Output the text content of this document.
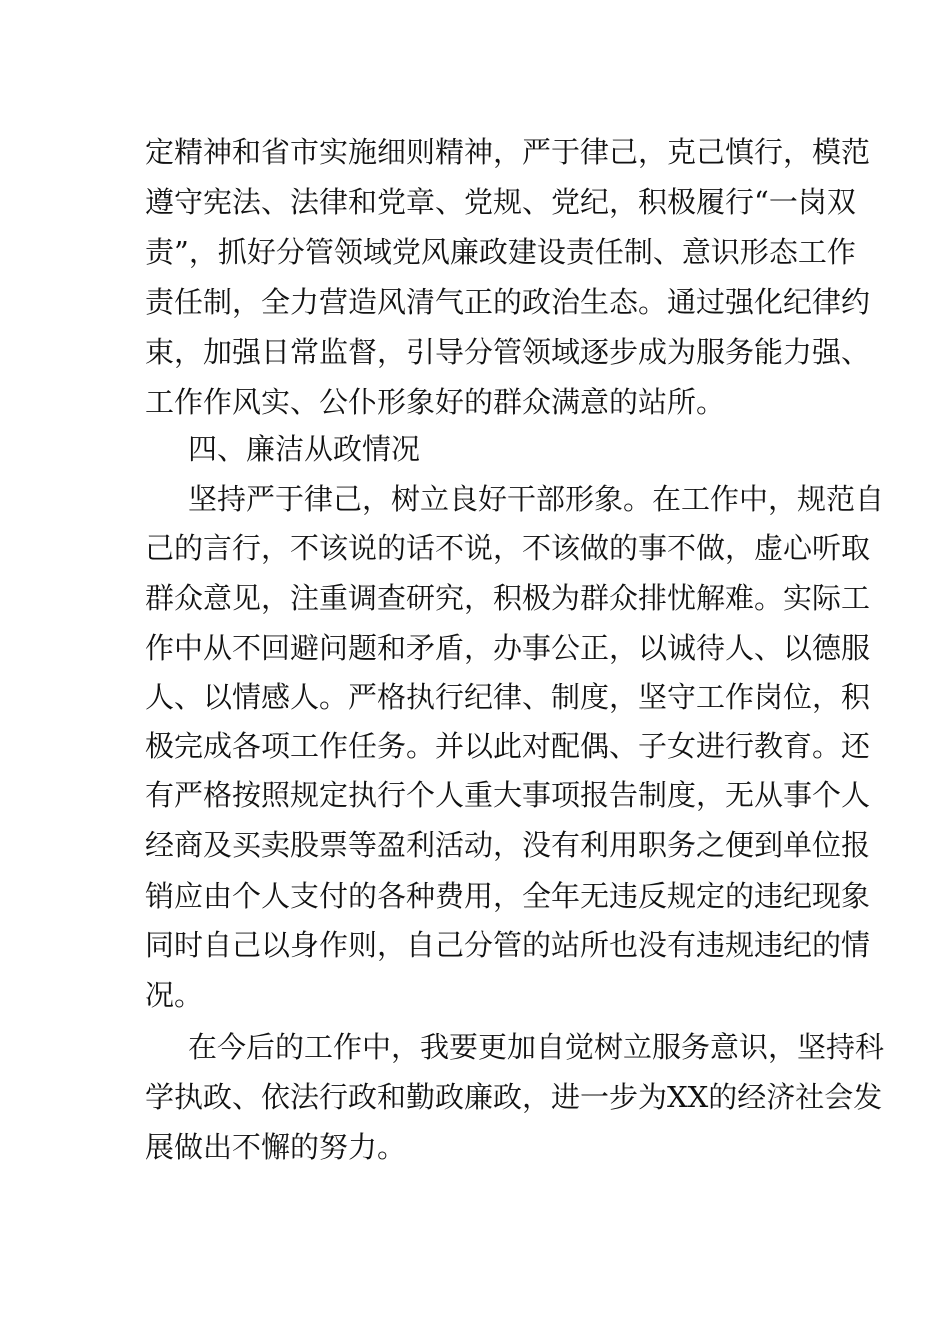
定精神和省市实施细则精神，严于律己，克己慎行，模范
遵守宪法、法律和党章、党规、党纪，积极履行“一岗双
责”，抓好分管领域党风廉政建设责任制、意识形态工作
责任制，全力营造风清气正的政治生态。通过强化纪律约
束，加强日常监督，引导分管领域逐步成为服务能力强、
工作作风实、公仆形象好的群众满意的站所。
四、廉洁从政情况
坚持严于律己，树立良好干部形象。在工作中，规范自
己的言行，不该说的话不说，不该做的事不做，虚心听取
群众意见，注重调查研究，积极为群众排忧解难。实际工
作中从不回避问题和矛盾，办事公正，以诚待人、以德服
人、以情感人。严格执行纪律、制度，坚守工作岗位，积
极完成各项工作任务。并以此对配偶、子女进行教育。还
有严格按照规定执行个人重大事项报告制度，无从事个人
经商及买卖股票等盈利活动，没有利用职务之便到单位报
销应由个人支付的各种费用，全年无违反规定的违纪现象
同时自己以身作则，自己分管的站所也没有违规违纪的情
况。
在今后的工作中，我要更加自觉树立服务意识，坚持科
学执政、依法行政和勤政廉政，进一步为XX的经济社会发
展做出不懈的努力。
